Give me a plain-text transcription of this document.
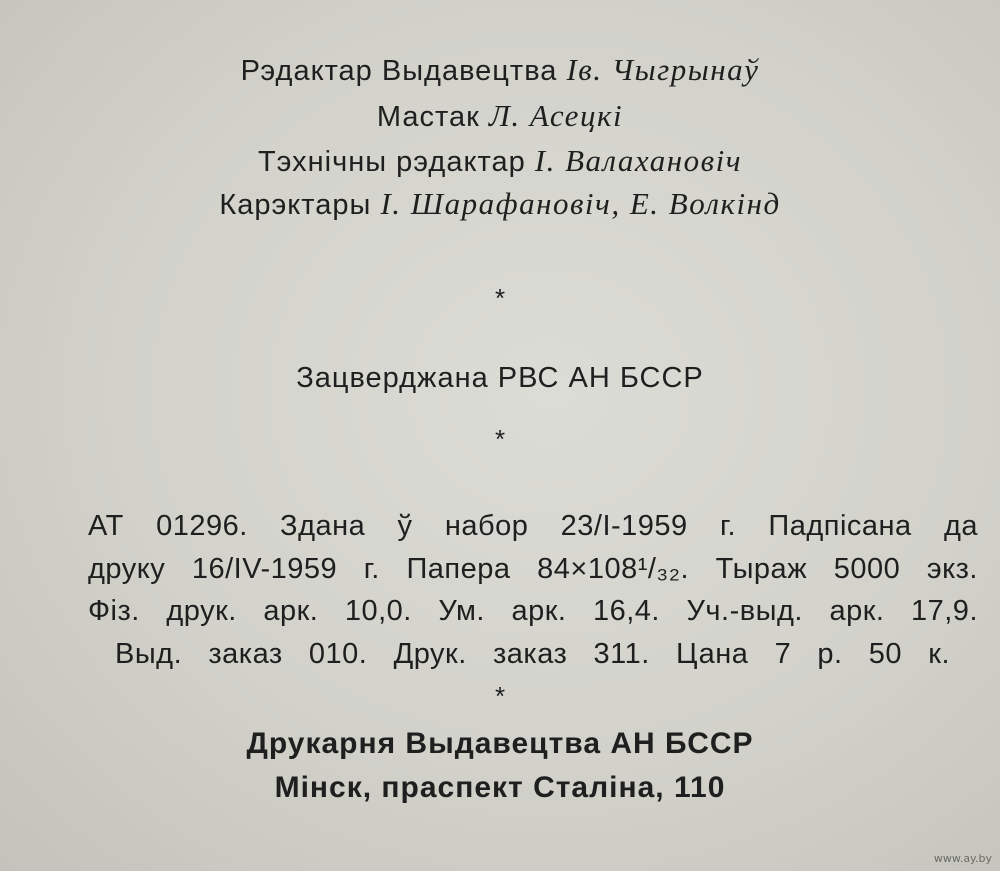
Рэдактар Выдавецтва Ів. Чыгрынаў
Мастак Л. Асецкі
Тэхнічны рэдактар І. Валахановіч
Карэктары І. Шарафановіч, Е. Волкінд
*
Зацверджана РВС АН БССР
*
АТ 01296. Здана ў набор 23/І-1959 г. Падпісана да
друку 16/ІV-1959 г. Папера 84×108¹/₃₂. Тыраж 5000 экз.
Фіз. друк. арк. 10,0. Ум. арк. 16,4. Уч.-выд. арк. 17,9.
Выд. заказ 010. Друк. заказ 311. Цана 7 р. 50 к.
*
Друкарня Выдавецтва АН БССР
Мінск, праспект Сталіна, 110
www.ay.by
